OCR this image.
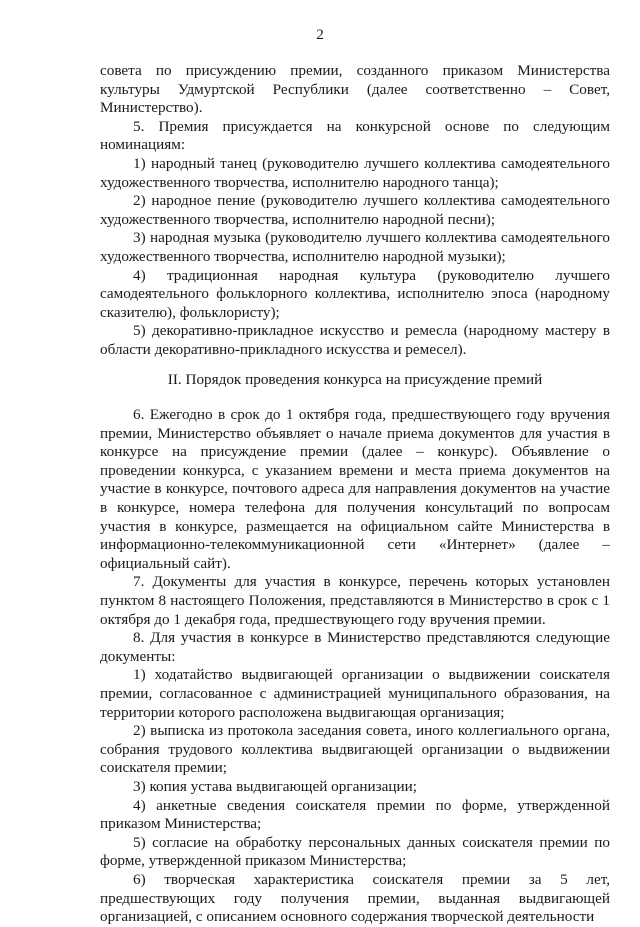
2

совета по присуждению премии, созданного приказом Министерства культуры Удмуртской Республики (далее соответственно – Совет, Министерство).

5. Премия присуждается на конкурсной основе по следующим номинациям:

1) народный танец (руководителю лучшего коллектива самодеятельного художественного творчества, исполнителю народного танца);

2) народное пение (руководителю лучшего коллектива самодеятельного художественного творчества, исполнителю народной песни);

3) народная музыка (руководителю лучшего коллектива самодеятельного художественного творчества, исполнителю народной музыки);

4) традиционная народная культура (руководителю лучшего самодеятельного фольклорного коллектива, исполнителю эпоса (народному сказителю), фольклористу);

5) декоративно-прикладное искусство и ремесла (народному мастеру в области декоративно-прикладного искусства и ремесел).

II. Порядок проведения конкурса на присуждение премий

6. Ежегодно в срок до 1 октября года, предшествующего году вручения премии, Министерство объявляет о начале приема документов для участия в конкурсе на присуждение премии (далее – конкурс). Объявление о проведении конкурса, с указанием времени и места приема документов на участие в конкурсе, почтового адреса для направления документов на участие в конкурсе, номера телефона для получения консультаций по вопросам участия в конкурсе, размещается на официальном сайте Министерства в информационно-телекоммуникационной сети «Интернет» (далее – официальный сайт).

7. Документы для участия в конкурсе, перечень которых установлен пунктом 8 настоящего Положения, представляются в Министерство в срок с 1 октября до 1 декабря года, предшествующего году вручения премии.

8. Для участия в конкурсе в Министерство представляются следующие документы:

1) ходатайство выдвигающей организации о выдвижении соискателя премии, согласованное с администрацией муниципального образования, на территории которого расположена выдвигающая организация;

2) выписка из протокола заседания совета, иного коллегиального органа, собрания трудового коллектива выдвигающей организации о выдвижении соискателя премии;

3) копия устава выдвигающей организации;

4) анкетные сведения соискателя премии по форме, утвержденной приказом Министерства;

5) согласие на обработку персональных данных соискателя премии по форме, утвержденной приказом Министерства;

6) творческая характеристика соискателя премии за 5 лет, предшествующих году получения премии, выданная выдвигающей организацией, с описанием основного содержания творческой деятельности
